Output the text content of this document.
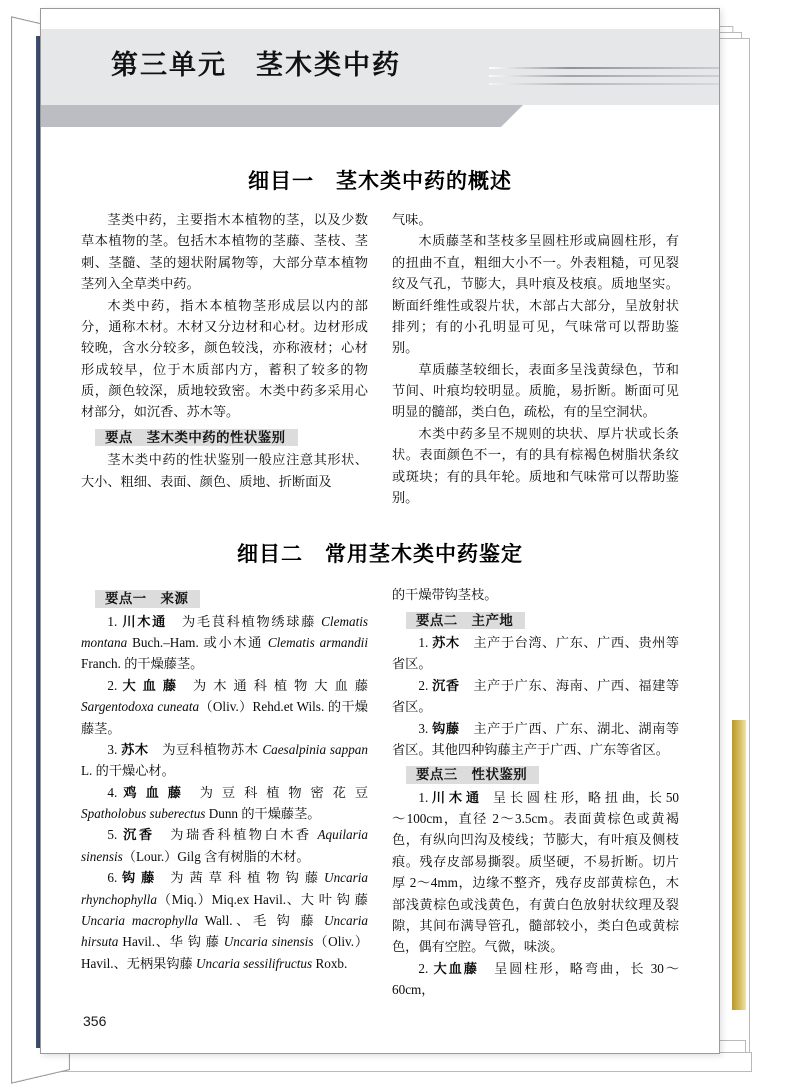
第三单元　茎木类中药
细目一　茎木类中药的概述

茎类中药，主要指木本植物的茎，以及少数草本植物的茎。包括木本植物的茎藤、茎枝、茎刺、茎髓、茎的翅状附属物等，大部分草本植物茎列入全草类中药。

木类中药，指木本植物茎形成层以内的部分，通称木材。木材又分边材和心材。边材形成较晚，含水分较多，颜色较浅，亦称液材；心材形成较早，位于木质部内方，蓄积了较多的物质，颜色较深，质地较致密。木类中药多采用心材部分，如沉香、苏木等。

要点　茎木类中药的性状鉴别

茎木类中药的性状鉴别一般应注意其形状、大小、粗细、表面、颜色、质地、折断面及

气味。

木质藤茎和茎枝多呈圆柱形或扁圆柱形，有的扭曲不直，粗细大小不一。外表粗糙，可见裂纹及气孔，节膨大，具叶痕及枝痕。质地坚实。断面纤维性或裂片状，木部占大部分，呈放射状排列；有的小孔明显可见，气味常可以帮助鉴别。

草质藤茎较细长，表面多呈浅黄绿色，节和节间、叶痕均较明显。质脆，易折断。断面可见明显的髓部，类白色，疏松，有的呈空洞状。

木类中药多呈不规则的块状、厚片状或长条状。表面颜色不一，有的具有棕褐色树脂状条纹或斑块；有的具年轮。质地和气味常可以帮助鉴别。

细目二　常用茎木类中药鉴定
要点一　来源

1. 川木通　为毛茛科植物绣球藤 Clematis montana Buch.–Ham. 或小木通 Clematis armandii Franch. 的干燥藤茎。

2. 大 血 藤　为 木 通 科 植 物 大 血 藤 Sargentodoxa cuneata（Oliv.）Rehd.et Wils. 的干燥藤茎。

3. 苏木　为豆科植物苏木 Caesalpinia sappan L. 的干燥心材。

4. 鸡 血 藤　为 豆 科 植 物 密 花 豆 Spatholobus suberectus Dunn 的干燥藤茎。

5. 沉香　为瑞香科植物白木香 Aquilaria sinensis（Lour.）Gilg 含有树脂的木材。

6. 钩 藤　为 茜 草 科 植 物 钩 藤 Uncaria rhynchophylla（Miq.）Miq.ex Havil.、大 叶 钩 藤 Uncaria macrophylla Wall.、毛 钩 藤 Uncaria hirsuta Havil.、华 钩 藤 Uncaria sinensis（Oliv.）Havil.、无柄果钩藤 Uncaria sessilifructus Roxb.

的干燥带钩茎枝。

要点二　主产地

1. 苏木　主产于台湾、广东、广西、贵州等省区。

2. 沉香　主产于广东、海南、广西、福建等省区。

3. 钩藤　主产于广西、广东、湖北、湖南等省区。其他四种钩藤主产于广西、广东等省区。

要点三　性状鉴别

1. 川 木 通　呈 长 圆 柱 形，略 扭 曲，长 50～100cm，直径 2～3.5cm。表面黄棕色或黄褐色，有纵向凹沟及棱线；节膨大，有叶痕及侧枝痕。残存皮部易撕裂。质坚硬，不易折断。切片厚 2～4mm，边缘不整齐，残存皮部黄棕色，木部浅黄棕色或浅黄色，有黄白色放射状纹理及裂隙，其间布满导管孔，髓部较小，类白色或黄棕色，偶有空腔。气微，味淡。

2. 大血藤　呈圆柱形，略弯曲，长 30～60cm，

356
